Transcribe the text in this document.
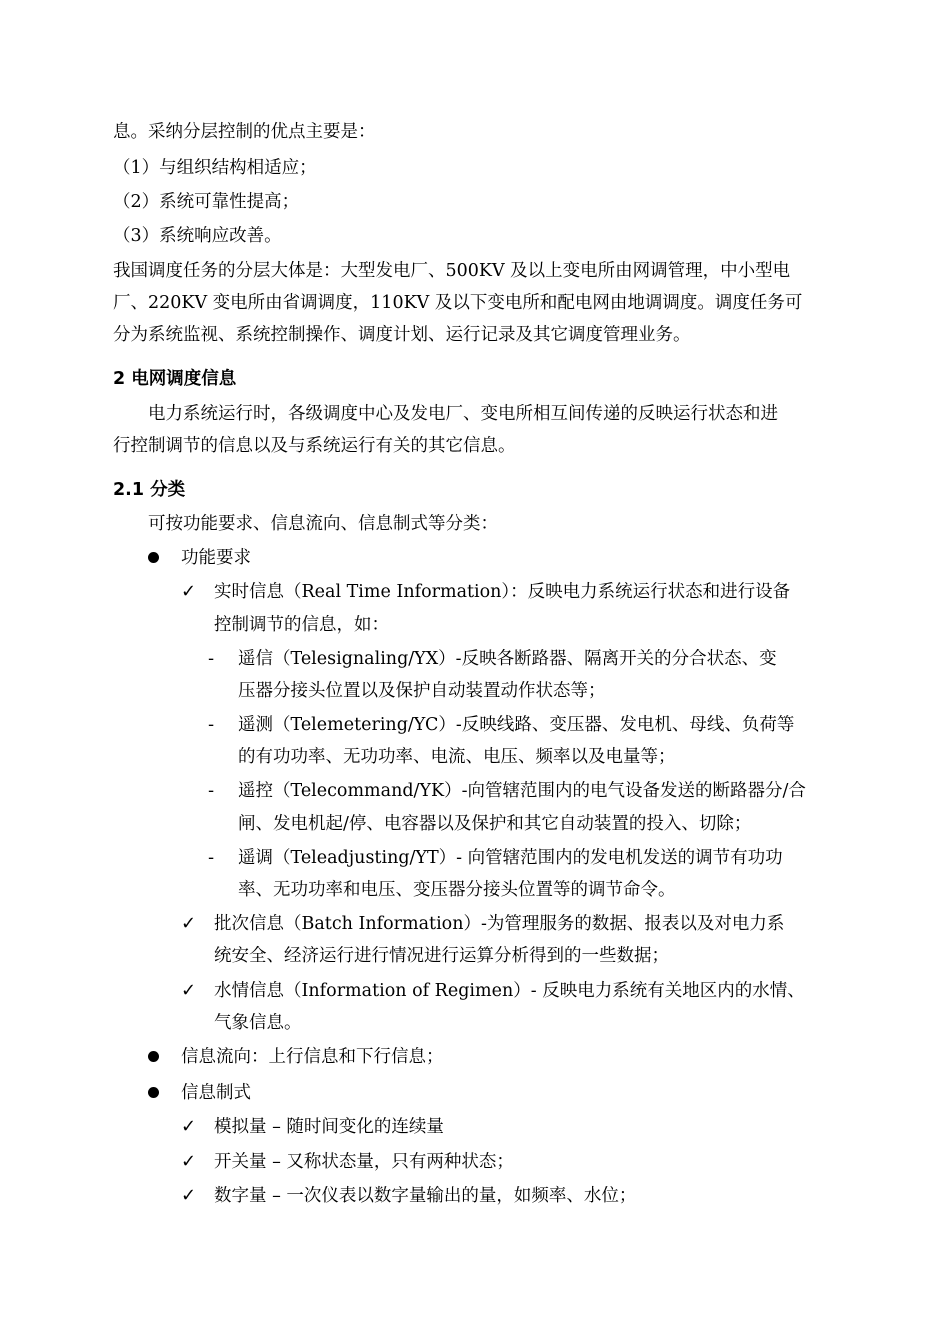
息。采纳分层控制的优点主要是：
（1）与组织结构相适应；
（2）系统可靠性提高；
（3）系统响应改善。
我国调度任务的分层大体是：大型发电厂、500KV 及以上变电所由网调管理，中小型电
厂、220KV 变电所由省调调度，110KV 及以下变电所和配电网由地调调度。调度任务可
分为系统监视、系统控制操作、调度计划、运行记录及其它调度管理业务。
2 电网调度信息
电力系统运行时，各级调度中心及发电厂、变电所相互间传递的反映运行状态和进
行控制调节的信息以及与系统运行有关的其它信息。
2.1 分类
可按功能要求、信息流向、信息制式等分类：
功能要求
✓ 实时信息（Real Time Information）：反映电力系统运行状态和进行设备
控制调节的信息，如：
- 遥信（Telesignaling/YX）-反映各断路器、隔离开关的分合状态、变
压器分接头位置以及保护自动装置动作状态等；
- 遥测（Telemetering/YC）-反映线路、变压器、发电机、母线、负荷等
的有功功率、无功功率、电流、电压、频率以及电量等；
- 遥控（Telecommand/YK）-向管辖范围内的电气设备发送的断路器分/合
闸、发电机起/停、电容器以及保护和其它自动装置的投入、切除；
- 遥调（Teleadjusting/YT）- 向管辖范围内的发电机发送的调节有功功
率、无功功率和电压、变压器分接头位置等的调节命令。
✓ 批次信息（Batch Information）-为管理服务的数据、报表以及对电力系
统安全、经济运行进行情况进行运算分析得到的一些数据；
✓ 水情信息（Information of Regimen）- 反映电力系统有关地区内的水情、
气象信息。
信息流向：上行信息和下行信息；
信息制式
✓ 模拟量 – 随时间变化的连续量
✓ 开关量 – 又称状态量，只有两种状态；
✓ 数字量 – 一次仪表以数字量输出的量，如频率、水位；
